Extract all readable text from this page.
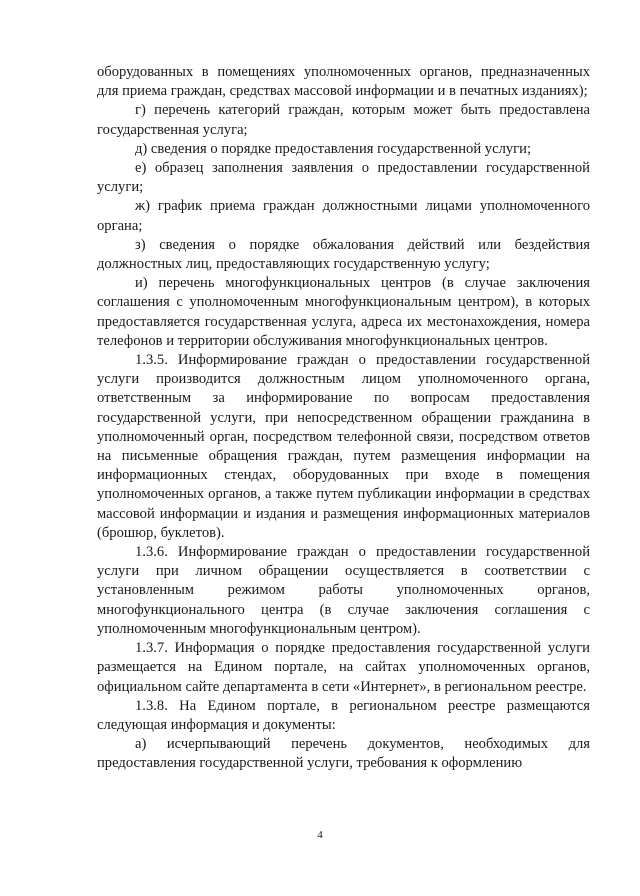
оборудованных в помещениях уполномоченных органов, предназначенных для приема граждан, средствах массовой информации и в печатных изданиях);

г) перечень категорий граждан, которым может быть предоставлена государственная услуга;

д) сведения о порядке предоставления государственной услуги;

е) образец заполнения заявления о предоставлении государственной услуги;

ж) график приема граждан должностными лицами уполномоченного органа;

з) сведения о порядке обжалования действий или бездействия должностных лиц, предоставляющих государственную услугу;

и) перечень многофункциональных центров (в случае заключения соглашения с уполномоченным многофункциональным центром), в которых предоставляется государственная услуга, адреса их местонахождения, номера телефонов и территории обслуживания многофункциональных центров.

1.3.5. Информирование граждан о предоставлении государственной услуги производится должностным лицом уполномоченного органа, ответственным за информирование по вопросам предоставления государственной услуги, при непосредственном обращении гражданина в уполномоченный орган, посредством телефонной связи, посредством ответов на письменные обращения граждан, путем размещения информации на информационных стендах, оборудованных при входе в помещения уполномоченных органов, а также путем публикации информации в средствах массовой информации и издания и размещения информационных материалов (брошюр, буклетов).

1.3.6. Информирование граждан о предоставлении государственной услуги при личном обращении осуществляется в соответствии с установленным режимом работы уполномоченных органов, многофункционального центра (в случае заключения соглашения с уполномоченным многофункциональным центром).

1.3.7. Информация о порядке предоставления государственной услуги размещается на Едином портале, на сайтах уполномоченных органов, официальном сайте департамента в сети «Интернет», в региональном реестре.

1.3.8. На Едином портале, в региональном реестре размещаются следующая информация и документы:

а) исчерпывающий перечень документов, необходимых для предоставления государственной услуги, требования к оформлению

4
